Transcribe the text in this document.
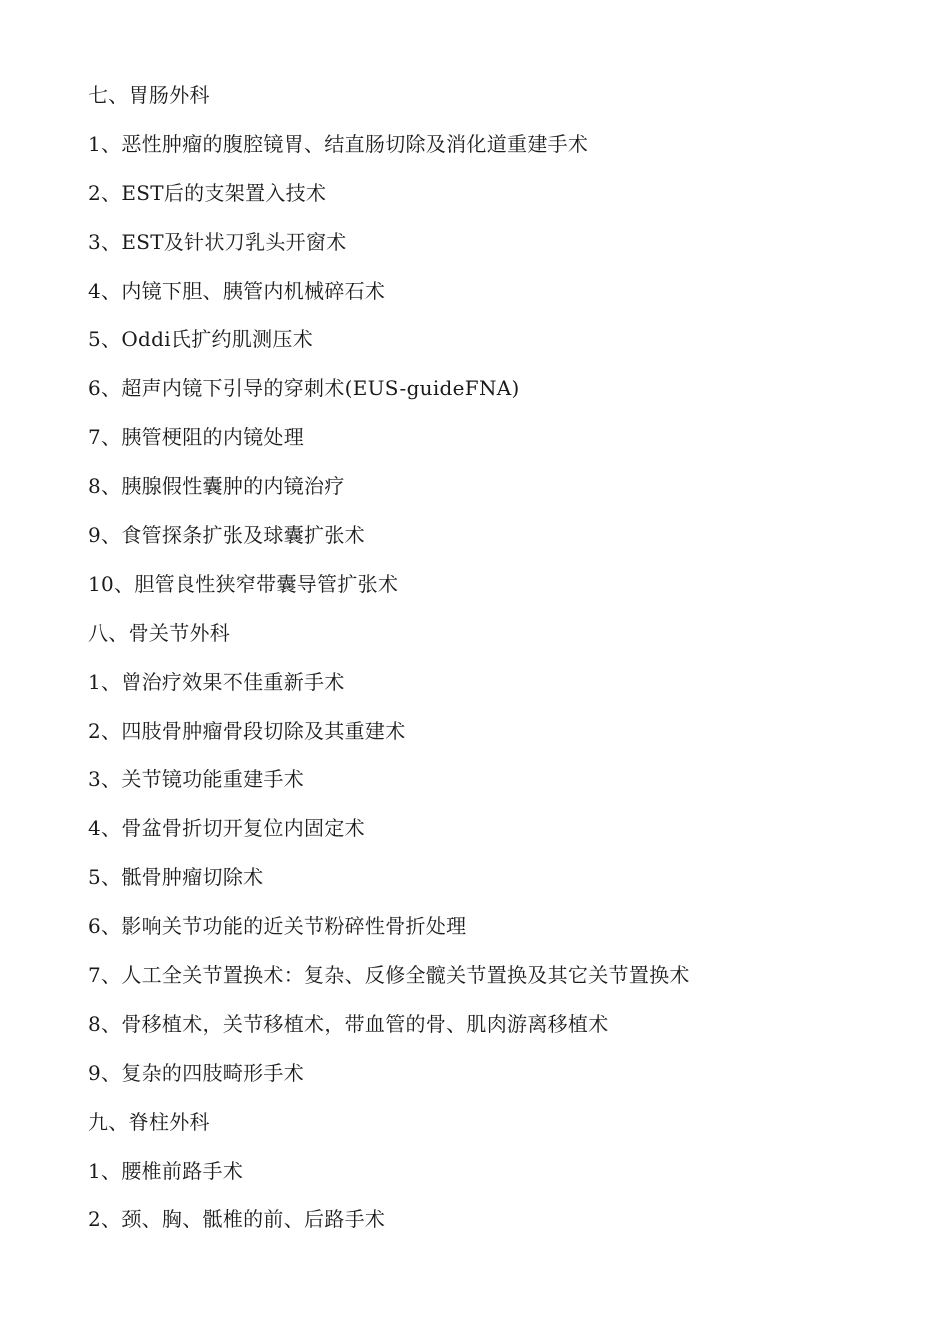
七、胃肠外科
1、恶性肿瘤的腹腔镜胃、结直肠切除及消化道重建手术
2、EST后的支架置入技术
3、EST及针状刀乳头开窗术
4、内镜下胆、胰管内机械碎石术
5、Oddi氏扩约肌测压术
6、超声内镜下引导的穿刺术(EUS-guideFNA)
7、胰管梗阻的内镜处理
8、胰腺假性囊肿的内镜治疗
9、食管探条扩张及球囊扩张术
10、胆管良性狭窄带囊导管扩张术
八、骨关节外科
1、曾治疗效果不佳重新手术
2、四肢骨肿瘤骨段切除及其重建术
3、关节镜功能重建手术
4、骨盆骨折切开复位内固定术
5、骶骨肿瘤切除术
6、影响关节功能的近关节粉碎性骨折处理
7、人工全关节置换术：复杂、反修全髋关节置换及其它关节置换术
8、骨移植术，关节移植术，带血管的骨、肌肉游离移植术
9、复杂的四肢畸形手术
九、脊柱外科
1、腰椎前路手术
2、颈、胸、骶椎的前、后路手术
